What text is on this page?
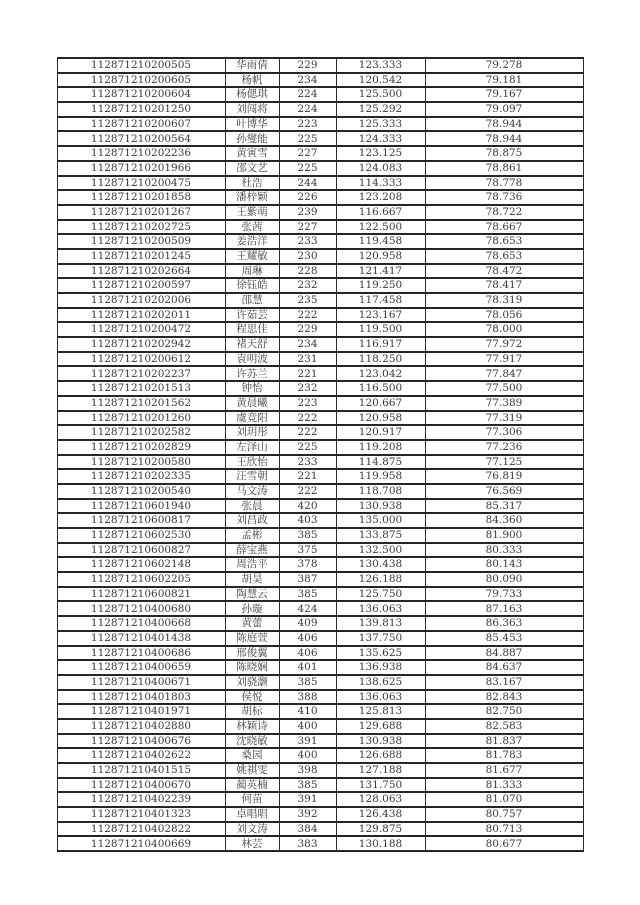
112871210200505	华雨倩	229	123.333	79.278
112871210200605	杨帆	234	120.542	79.181
112871210200604	杨偲琪	224	125.500	79.167
112871210201250	刘闯将	224	125.292	79.097
112871210200607	叶博华	223	125.333	78.944
112871210200564	孙燮能	225	124.333	78.944
112871210202236	黄寅雪	227	123.125	78.875
112871210201966	邵文艺	225	124.083	78.861
112871210200475	杜浩	244	114.333	78.778
112871210201858	潘梓颖	226	123.208	78.736
112871210201267	王紫萌	239	116.667	78.722
112871210202725	张茜	227	122.500	78.667
112871210200509	姜浩洋	233	119.458	78.653
112871210201245	王耀敏	230	120.958	78.653
112871210202664	周琳	228	121.417	78.472
112871210200597	徐钰皓	232	119.250	78.417
112871210202006	邵慧	235	117.458	78.319
112871210202011	许茹芸	222	123.167	78.056
112871210200472	程思佳	229	119.500	78.000
112871210202942	褚天舒	234	116.917	77.972
112871210200612	袁明波	231	118.250	77.917
112871210202237	许苏兰	221	123.042	77.847
112871210201513	钟怡	232	116.500	77.500
112871210201562	黄晨曦	223	120.667	77.389
112871210201260	虞竞阳	222	120.958	77.319
112871210202582	刘玥彤	222	120.917	77.306
112871210202829	左泽山	225	119.208	77.236
112871210200580	王欣怡	233	114.875	77.125
112871210202335	汪雪朝	221	119.958	76.819
112871210200540	马文涛	222	118.708	76.569
112871210601940	张晨	420	130.938	85.317
112871210600817	刘昌政	403	135.000	84.360
112871210602530	孟彬	385	133.875	81.900
112871210600827	薛宝燕	375	132.500	80.333
112871210602148	周浩平	378	130.438	80.143
112871210602205	胡昊	387	126.188	80.090
112871210600821	陶慧云	385	125.750	79.733
112871210400680	孙璇	424	136.063	87.163
112871210400668	黄蕾	409	139.813	86.363
112871210401438	陈庭萱	406	137.750	85.453
112871210400686	邢俊翼	406	135.625	84.887
112871210400659	陈晓娴	401	136.938	84.637
112871210400671	刘骁灏	385	138.625	83.167
112871210401803	侯悦	388	136.063	82.843
112871210401971	胡标	410	125.813	82.750
112871210402880	林颖诗	400	129.688	82.583
112871210400676	沈晓敏	391	130.938	81.837
112871210402622	桑园	400	126.688	81.783
112871210401515	姚祺雯	398	127.188	81.677
112871210400670	蔺英楠	385	131.750	81.333
112871210402239	何苗	391	128.063	81.070
112871210401323	卓唱唱	392	126.438	80.757
112871210402822	刘文涛	384	129.875	80.713
112871210400669	林芸	383	130.188	80.677
